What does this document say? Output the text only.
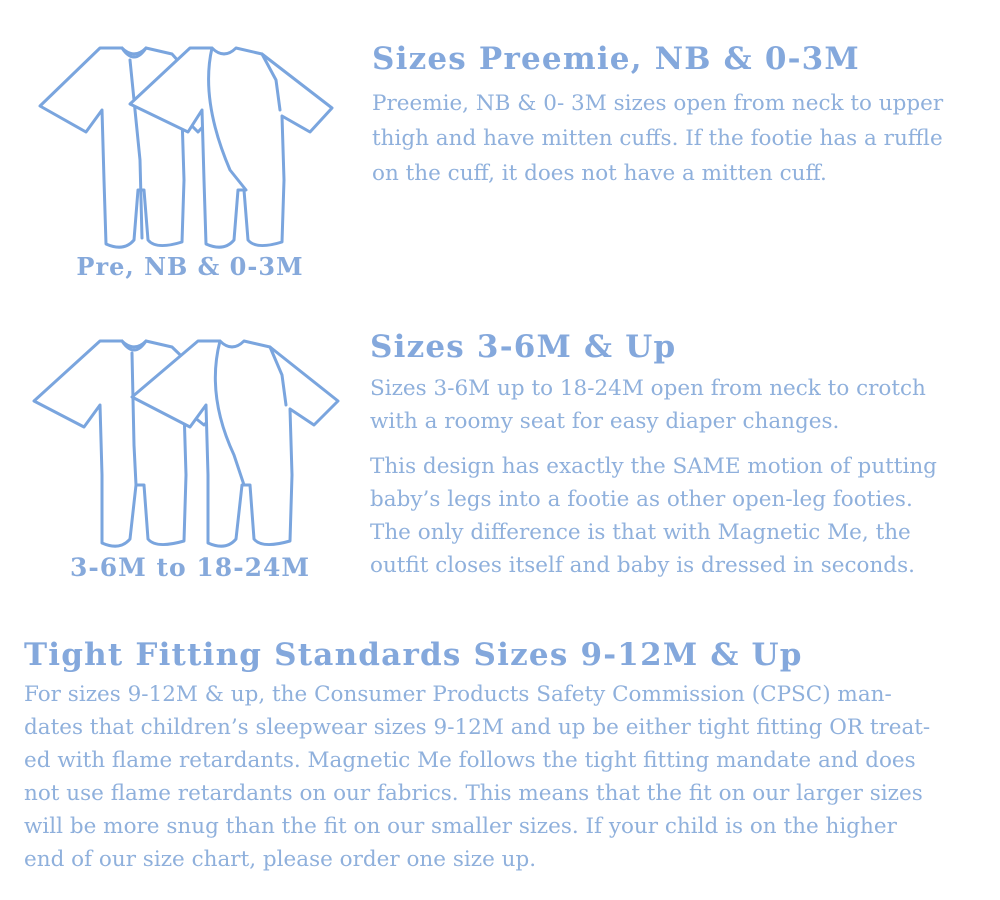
Pre, NB & 0-3M
Sizes Preemie, NB & 0-3M

Preemie, NB & 0- 3M sizes open from neck to upper

thigh and have mitten cuffs. If the footie has a ruffle

on the cuff, it does not have a mitten cuff.

3-6M to 18-24M
Sizes 3-6M & Up

Sizes 3-6M up to 18-24M open from neck to crotch

with a roomy seat for easy diaper changes.

This design has exactly the SAME motion of putting

baby’s legs into a footie as other open-leg footies.

The only difference is that with Magnetic Me, the

outfit closes itself and baby is dressed in seconds.

Tight Fitting Standards Sizes 9-12M & Up

For sizes 9-12M & up, the Consumer Products Safety Commission (CPSC) man-

dates that children’s sleepwear sizes 9-12M and up be either tight fitting OR treat-

ed with flame retardants. Magnetic Me follows the tight fitting mandate and does

not use flame retardants on our fabrics. This means that the fit on our larger sizes

will be more snug than the fit on our smaller sizes. If your child is on the higher

end of our size chart, please order one size up.
